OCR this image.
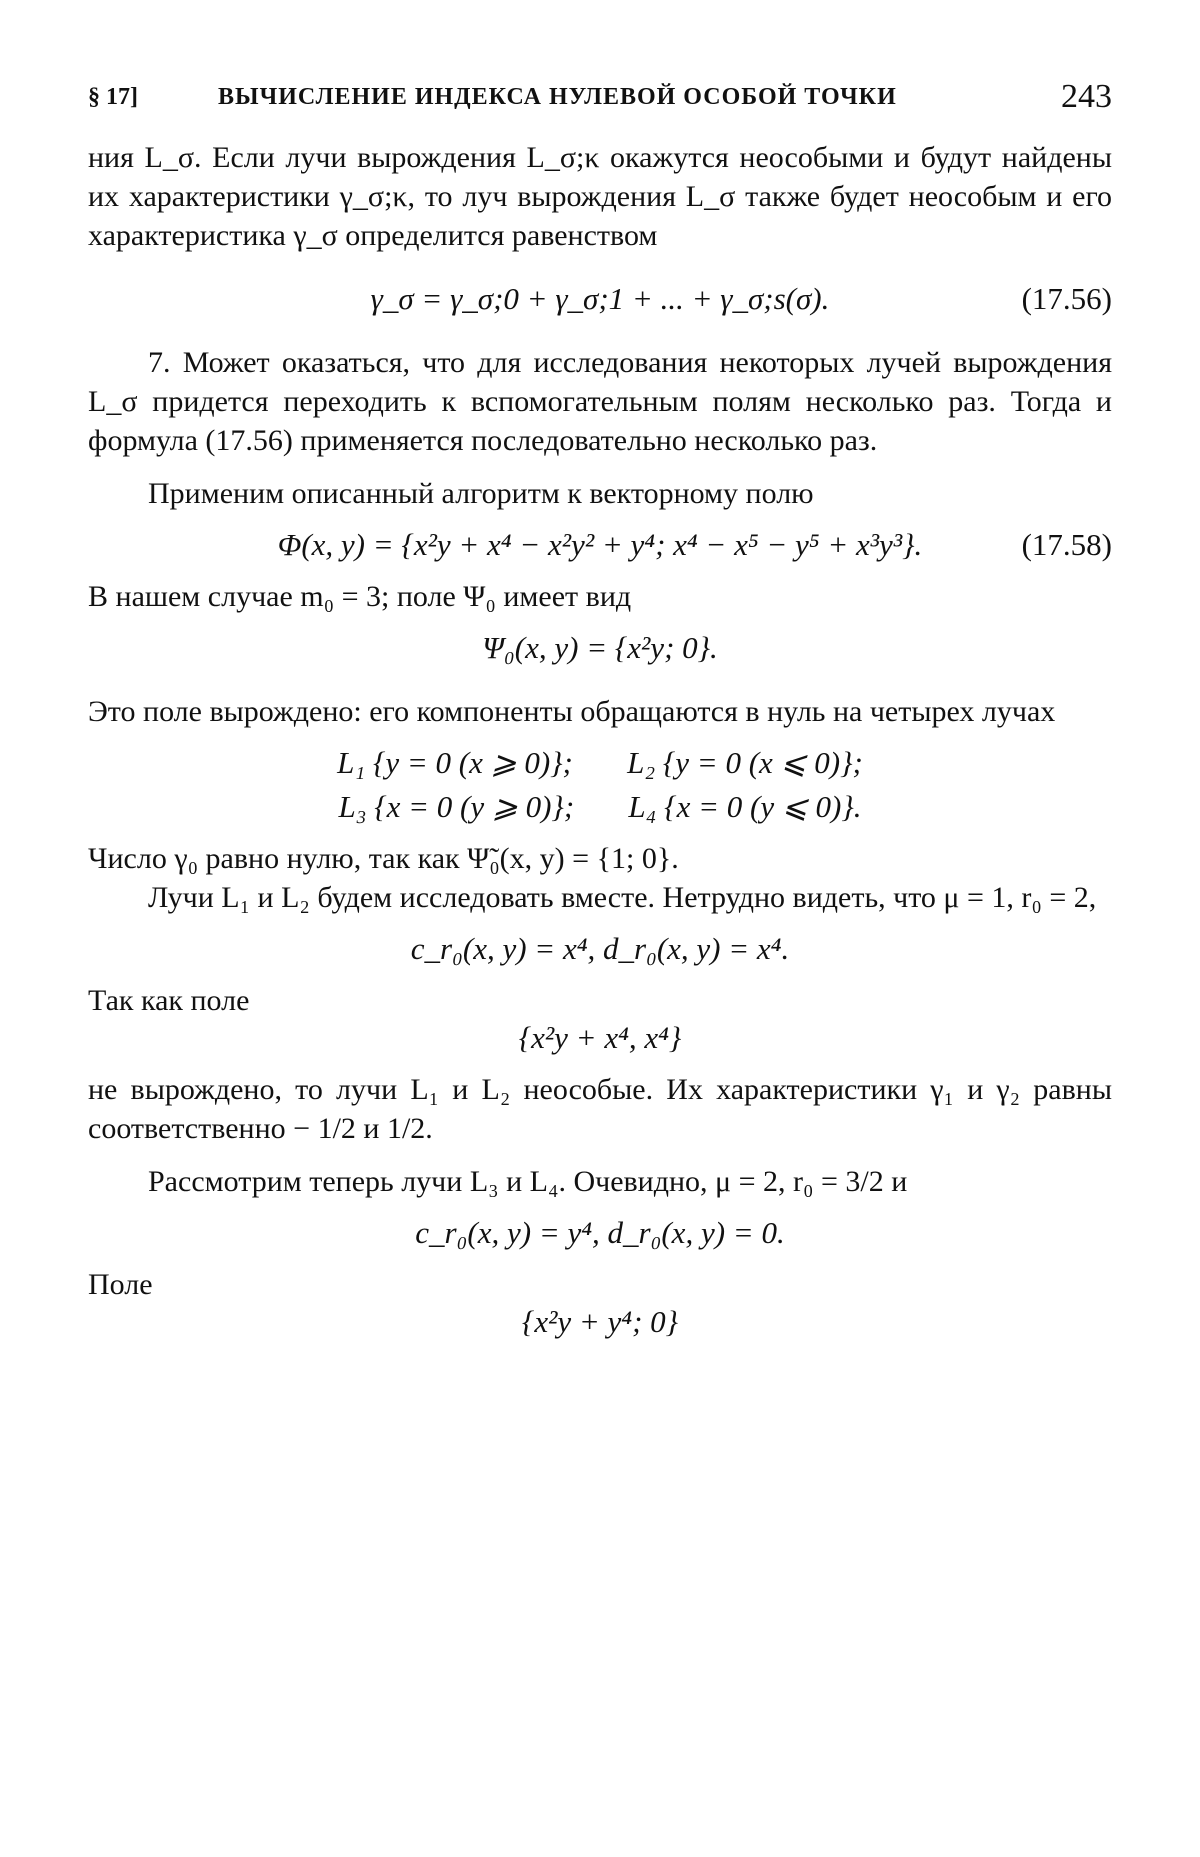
§ 17]	ВЫЧИСЛЕНИЕ ИНДЕКСА НУЛЕВОЙ ОСОБОЙ ТОЧКИ	243

ния L_σ. Если лучи вырождения L_σ;κ окажутся неособыми и будут найдены их характеристики γ_σ;κ, то луч вырождения L_σ также будет неособым и его характеристика γ_σ определится равенством

γ_σ = γ_σ;0 + γ_σ;1 + ... + γ_σ;s(σ).	(17.56)

7. Может оказаться, что для исследования некоторых лучей вырождения L_σ придется переходить к вспомогательным полям несколько раз. Тогда и формула (17.56) применяется последовательно несколько раз.

Применим описанный алгоритм к векторному полю

Φ(x, y) = {x²y + x⁴ − x²y² + y⁴; x⁴ − x⁵ − y⁵ + x³y³}.	(17.58)

В нашем случае m₀ = 3; поле Ψ₀ имеет вид

Ψ₀(x, y) = {x²y; 0}.

Это поле вырождено: его компоненты обращаются в нуль на четырех лучах

L₁ {y = 0 (x ⩾ 0)}; L₂ {y = 0 (x ⩽ 0)};
L₃ {x = 0 (y ⩾ 0)}; L₄ {x = 0 (y ⩽ 0)}.

Число γ₀ равно нулю, так как Ψ̃₀(x, y) = {1; 0}.

Лучи L₁ и L₂ будем исследовать вместе. Нетрудно видеть, что μ = 1, r₀ = 2,

c_r₀(x, y) = x⁴, d_r₀(x, y) = x⁴.

Так как поле

{x²y + x⁴, x⁴}

не вырождено, то лучи L₁ и L₂ неособые. Их характеристики γ₁ и γ₂ равны соответственно − 1/2 и 1/2.

Рассмотрим теперь лучи L₃ и L₄. Очевидно, μ = 2, r₀ = 3/2 и

c_r₀(x, y) = y⁴, d_r₀(x, y) = 0.

Поле

{x²y + y⁴; 0}
